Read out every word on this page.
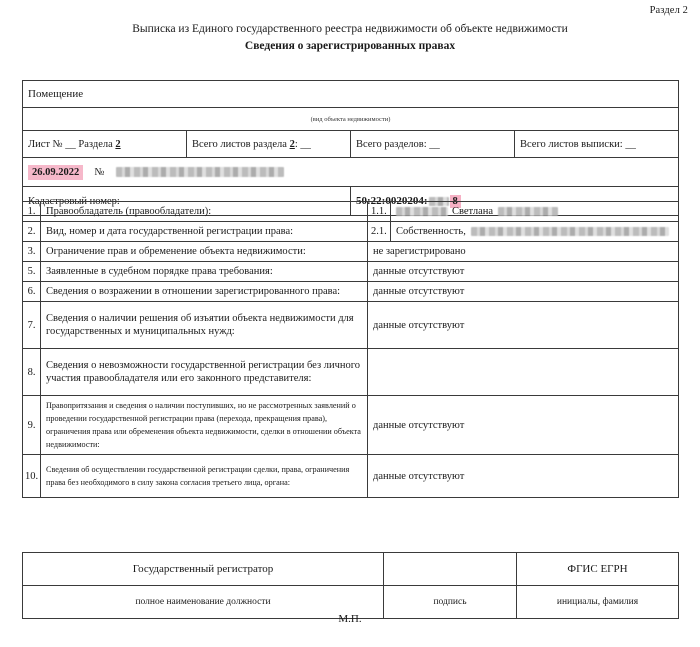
Раздел 2
Выписка из Единого государственного реестра недвижимости об объекте недвижимости
Сведения о зарегистрированных правах
Помещение			
(вид объекта недвижимости)			
Лист № __ Раздела 2	Всего листов раздела 2: __	Всего разделов: __	Всего листов выписки: __
26.09.2022 №			
Кадастровый номер:		50:22:0020204: 8	
1.	Правообладатель (правообладатели):	1.1.	Светлана
2.	Вид, номер и дата государственной регистрации права:	2.1.	Собственность,
3.	Ограничение прав и обременение объекта недвижимости:	не зарегистрировано	
5.	Заявленные в судебном порядке права требования:	данные отсутствуют	
6.	Сведения о возражении в отношении зарегистрированного права:	данные отсутствуют	
7.	Сведения о наличии решения об изъятии объекта недвижимости для государственных и муниципальных нужд:	данные отсутствуют	
8.	Сведения о невозможности государственной регистрации без личного участия правообладателя или его законного представителя:		
9.	Правопритязания и сведения о наличии поступивших, но не рассмотренных заявлений о проведении государственной регистрации права (перехода, прекращения права), ограничения права или обременения объекта недвижимости, сделки в отношении объекта недвижимости:	данные отсутствуют	
10.	Сведения об осуществлении государственной регистрации сделки, права, ограничения права без необходимого в силу закона согласия третьего лица, органа:	данные отсутствуют	
Государственный регистратор		ФГИС ЕГРН
полное наименование должности	подпись	инициалы, фамилия
М.П.
